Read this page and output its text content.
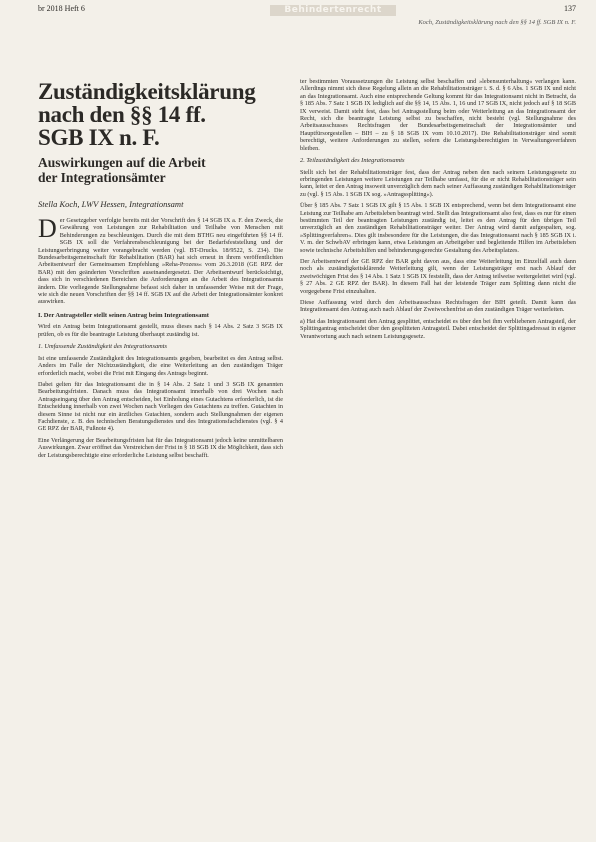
br 2018 Heft 6	Behindertenrecht	137
Koch, Zuständigkeitsklärung nach den §§ 14 ff. SGB IX n. F.
Zuständigkeitsklärung
nach den §§ 14 ff.
SGB IX n. F.
Auswirkungen auf die Arbeit
der Integrationsämter
Stella Koch, LWV Hessen, Integrationsamt

Der Gesetzgeber verfolgte bereits mit der Vorschrift des § 14 SGB IX a. F. den Zweck, die Gewährung von Leistungen zur Rehabilitation und Teilhabe von Menschen mit Behinderungen zu beschleunigen. Durch die mit dem BTHG neu eingeführten §§ 14 ff. SGB IX soll die Verfahrensbeschleunigung bei der Bedarfsfeststellung und der Leistungserbringung weiter vorangebracht werden (vgl. BT-Drucks. 18/9522, S. 234). Die Bundesarbeitsgemeinschaft für Rehabilitation (BAR) hat sich erneut in ihrem veröffentlichten Arbeitsentwurf der Gemeinsamen Empfehlung »Reha-Prozess« vom 26.3.2018 (GE RPZ der BAR) mit den geänderten Vorschriften auseinandergesetzt. Der Arbeitsentwurf berücksichtigt, dass sich in verschiedenen Bereichen die Anforderungen an die Arbeit des Integrationsamts ändern. Die vorliegende Stellungnahme befasst sich daher in umfassender Weise mit der Frage, wie sich die neuen Vorschriften der §§ 14 ff. SGB IX auf die Arbeit der Integrationsämter konkret auswirken.

I. Der Antragsteller stellt seinen Antrag beim Integrationsamt

Wird ein Antrag beim Integrationsamt gestellt, muss dieses nach § 14 Abs. 2 Satz 3 SGB IX prüfen, ob es für die beantragte Leistung überhaupt zuständig ist.

1. Umfassende Zuständigkeit des Integrationsamts

Ist eine umfassende Zuständigkeit des Integrationsamts gegeben, bearbeitet es den Antrag selbst. Anders im Falle der Nichtzuständigkeit, die eine Weiterleitung an den zuständigen Träger erforderlich macht, wobei die Frist mit Eingang des Antrags beginnt.

Dabei gelten für das Integrationsamt die in § 14 Abs. 2 Satz 1 und 3 SGB IX genannten Bearbeitungsfristen. Danach muss das Integrationsamt innerhalb von drei Wochen nach Antragseingang über den Antrag entscheiden, bei Einholung eines Gutachtens erforderlich, ist die Entscheidung innerhalb von zwei Wochen nach Vorliegen des Gutachtens zu treffen. Gutachten in diesem Sinne ist nicht nur ein ärztliches Gutachten, sondern auch Stellungnahmen der eigenen Fachdienste, z. B. des technischen Beratungsdienstes und des Integrationsfachdienstes (vgl. § 4 GE RPZ der BAR, Fußnote 4).

Eine Verlängerung der Bearbeitungsfristen hat für das Integrationsamt jedoch keine unmittelbaren Auswirkungen. Zwar eröffnet das Verstreichen der Frist in § 18 SGB IX die Möglichkeit, dass sich der Leistungsberechtigte eine erforderliche Leistung selbst beschafft.

ter bestimmten Voraussetzungen die Leistung selbst beschaffen und »lebensunterhaltung« verlangen kann. Allerdings nimmt sich diese Regelung allein an die Rehabilitationsträger i. S. d. § 6 Abs. 1 SGB IX und nicht an das Integrationsamt. Auch eine entsprechende Geltung kommt für das Integrationsamt nicht in Betracht, da § 185 Abs. 7 Satz 1 SGB IX lediglich auf die §§ 14, 15 Abs. 1, 16 und 17 SGB IX, nicht jedoch auf § 18 SGB IX verweist. Damit steht fest, dass bei Antragsstellung beim oder Weiterleitung an das Integrationsamt der Recht, sich die beantragte Leistung selbst zu beschaffen, nicht besteht (vgl. Stellungnahme des Arbeitsausschusses Rechtsfragen der Bundesarbeitsgemeinschaft der Integrationsämter und Hauptfürsorgestellen – BIH – zu § 18 SGB IX vom 10.10.2017). Die Rehabilitationsträger sind somit berechtigt, weitere Anforderungen zu stellen, sofern die Leistungsberechtigten in Verwaltungsverfahren bleiben.

2. Teilzuständigkeit des Integrationsamts

Stellt sich bei der Rehabilitationsträger fest, dass der Antrag neben den nach seinem Leistungsgesetz zu erbringenden Leistungen weitere Leistungen zur Teilhabe umfasst, für die er nicht Rehabilitationsträger sein kann, leitet er den Antrag insoweit unverzüglich dem nach seiner Auffassung zuständigen Rehabilitationsträger zu (vgl. § 15 Abs. 1 SGB IX sog. »Antragssplitting«).

Über § 185 Abs. 7 Satz 1 SGB IX gilt § 15 Abs. 1 SGB IX entsprechend, wenn bei dem Integrationsamt eine Leistung zur Teilhabe am Arbeitsleben beantragt wird. Stellt das Integrationsamt also fest, dass es nur für einen bestimmten Teil der beantragten Leistungen zuständig ist, leitet es den Antrag für den übrigen Teil unverzüglich an den zuständigen Rehabilitationsträger weiter. Der Antrag wird damit aufgespalten, sog. »Splittingverfahren«. Dies gilt insbesondere für die Leistungen, die das Integrationsamt nach § 185 SGB IX i. V. m. der SchwbAV erbringen kann, etwa Leistungen an Arbeitgeber und begleitende Hilfen im Arbeitsleben sowie technische Arbeitshilfen und behinderungsgerechte Gestaltung des Arbeitsplatzes.

Der Arbeitsentwurf der GE RPZ der BAR geht davon aus, dass eine Weiterleitung im Einzelfall auch dann noch als zuständigkeitsklärende Weiterleitung gilt, wenn der Leistungsträger erst nach Ablauf der zweiwöchigen Frist des § 14 Abs. 1 Satz 1 SGB IX feststellt, dass der Antrag teilweise weitergeleitet wird (vgl. § 27 Abs. 2 GE RPZ der BAR). In diesem Fall hat der leistende Träger zum Splitting dann nicht die vorgegebene Frist einzuhalten.

Diese Auffassung wird durch den Arbeitsausschuss Rechtsfragen der BIH geteilt. Damit kann das Integrationsamt den Antrag auch nach Ablauf der Zweiwochenfrist an den zuständigen Träger weiterleiten.

a) Hat das Integrationsamt den Antrag gesplittet, entscheidet es über den bei ihm verbliebenen Antragsteil, der Splittingantrag entscheidet über den gesplitteten Antragsteil. Dabei entscheidet der Splittingadressat in eigener Verantwortung auch nach seinem Leistungsgesetz.
